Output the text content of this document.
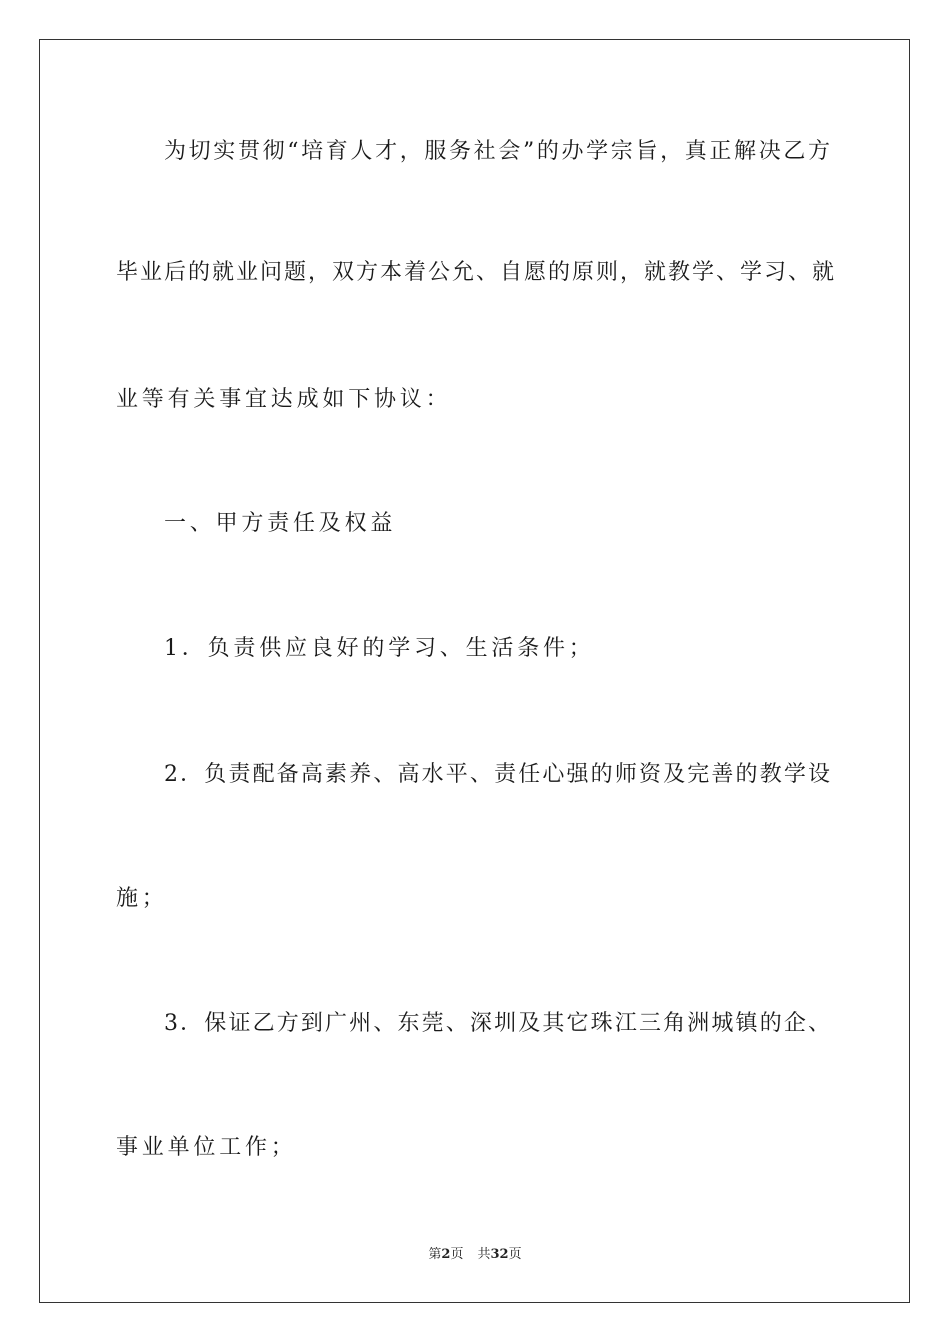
为切实贯彻“培育人才，服务社会”的办学宗旨，真正解决乙方

毕业后的就业问题，双方本着公允、自愿的原则，就教学、学习、就

业等有关事宜达成如下协议：

一、甲方责任及权益

1．负责供应良好的学习、生活条件；

2．负责配备高素养、高水平、责任心强的师资及完善的教学设

施；

3．保证乙方到广州、东莞、深圳及其它珠江三角洲城镇的企、

事业单位工作；

第2页 共32页
